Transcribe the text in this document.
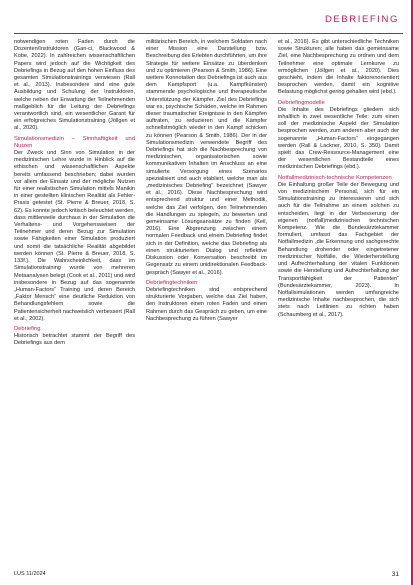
DEBRIEFING

notwendigen roten Faden durch die Dozenten/Instruktoren (Gan-ci, Blackwood & Kobe, 2022). In zahlreichen wissenschaftlichen Papers wird jedoch auf die Wichtigkeit des Debriefings in Bezug auf den hohen Einfluss des gesamten Simulationstrainings verwiesen (Rall et al., 2013). Insbesondere sind eine gute Ausbildung und Schulung der Instruktoren, welche neben der Erwartung der Teilnehmenden maßgeblich für die Leitung der Debriefings verantwortlich sind, ein wesentlicher Garant für ein erfolgreiches Simulationstraining (Jöllgen et al., 2020).

Simulationsmedizin – Sinnhaftigkeit und Nutzen

Der Zweck und Sinn von Simulation in der medizinischen Lehre wurde in Hinblick auf die ethischen und wissenschaftlichen Aspekte bereits umfassend beschrieben; dabei wurden vor allem der Einsatz und der mögliche Nutzen für einer realistischen Simulation mittels Manikin in einer gestellten klinischen Realität als Fehler-Praxis getestet (St. Pierre & Breuer, 2018, S. 62). Es konnte jedoch kritisch beleuchtet werden, dass mittlerweile durchaus in der Simulation die Verhaltens- und Vorgehensweisen der Teilnehmer und deren Bezug zur Simulation sowie Fähigkeiten einer Simulation produziert und somit die tatsächliche Realität abgebildet werden können (St. Pierre & Breuer, 2018, S. 133f.). Die Wahrscheinlichkeit, dass im Simulationstraining wurde von mehreren Metaanalysen belegt (Cook et al., 2011) und wird insbesondere in Bezug auf das sogenannte „Human-Factors“ Training und deren Bereich „Faktor Mensch“ eine deutliche Reduktion von Behandlungsfehlern sowie die Patientensicherheit nachweislich verbessert (Rall et al., 2002).

Debriefing

Historisch betrachtet stammt der Begriff des Debriefings aus dem

militärischen Bereich, in welchem Soldaten nach einer Mission eine Darstellung bzw. Beschreibung des Erlebten durchführten, um ihre Strategie für weitere Einsätze zu überdenken und zu optimieren (Pearson & Smith, 1986). Eine weitere Konnotation des Debriefings ist auch aus dem Kampfsport (u.a. Kampfkünsten) stammende psychologische und therapeutische Unterstützung der Kämpfer. Ziel des Debriefings war es, psychische Schäden, welche im Rahmen dieser traumatischer Ereignisse in den Kämpfen auftraten, zu reduzieren und die Kämpfer schnellstmöglich wieder in den Kampf schicken zu können (Pearson & Smith, 1986). Der in der Simulationsmedizin verwendete Begriff des Debriefings hat sich die Nachbesprechung von medizinischen, organisatorischen sowie kommunikativen Inhalten im Anschluss an eine simulierte Versorgung eines Szenarios spezialisiert und auch etabliert, welche man als „medizinisches Debriefing“ bezeichnet (Sawyer et al., 2016). Diese Nachbesprechung wird entsprechend struktur und einer Methodik, welche das Ziel verfolgen, den Teilnehmenden die Handlungen zu spiegeln, zu bewerten und gemeinsame Lösungsansätze zu finden (Keil, 2016). Eine Abgrenzung zwischen einem normalen Feedback und einem Debriefing findet sich in der Definition, welche das Debriefing als einen strukturierten Dialog und reflektive Diskussion oder Konversation beschreibt im Gegensatz zu einem unidirektionalen Feedback-gespräch (Sawyer et al., 2016).

Debriefingtechniken

Debriefingtechniken sind entsprechend strukturierte Vorgaben, welche das Ziel haben, den Instruktoren einen roten Faden und einen Rahmen durch das Gespräch zu geben, um eine Nachbesprechung zu führen (Sawyer

et al., 2016). Es gibt unterschiedliche Techniken sowie Strukturen; alle haben das gemeinsame Ziel, eine Nachbesprechung zu ordnen und dem Teilnehmer eine optimale Lernkurve zu ermöglichen (Jöllgen et al., 2020). Dies geschieht, indem die Inhalte faktorenorientiert besprochen werden, damit ein kognitive Belastung möglichst gering gehalten wird (ebd.).

Debriefingmodelle

Die Inhalte des Debriefings gliedern sich inhaltlich in zwei wesentliche Teile: zum einen soll der medizinische Aspekt der Simulation besprochen werden, zum anderen aber auch der sogenannte „Human-Factors“ eingegangen werden (Rall & Lackner, 2010, S. 350). Damit spielt das Crew-Ressource-Management eine der wesentlichen Bestandteile eines medizinischen Debriefings (ebd.).

Notfallmedizinisch-technische Kompetenzen

Die Einhaltung großer Teile der Bewegung und von medizinischem Personal, sich für ein Simulationstraining zu interessieren und sich auch für die Teilnahme an einem solchen zu entscheiden, liegt in der Verbesserung der eigenen (notfall)medizinischen technischen Kompetenz. Wie die Bundesärztekammer formuliert, umfasst das Fachgebiet der Notfallmedizin „die Erkennung und sachgerechte Behandlung drohender oder eingetretener medizinischer Notfälle, die Wiederherstellung und Aufrechterhaltung der vitalen Funktionen sowie die Herstellung und Aufrechterhaltung der Transportfähigkeit der Patienten“ (Bundesärztekammer, 2023). In Notfallsimulationen werden umfangreiche medizinische Inhalte nachbesprochen, die sich stets nach Leitlinien zu richten haben (Schaumberg et al., 2017).

LUS 11/2024	31
